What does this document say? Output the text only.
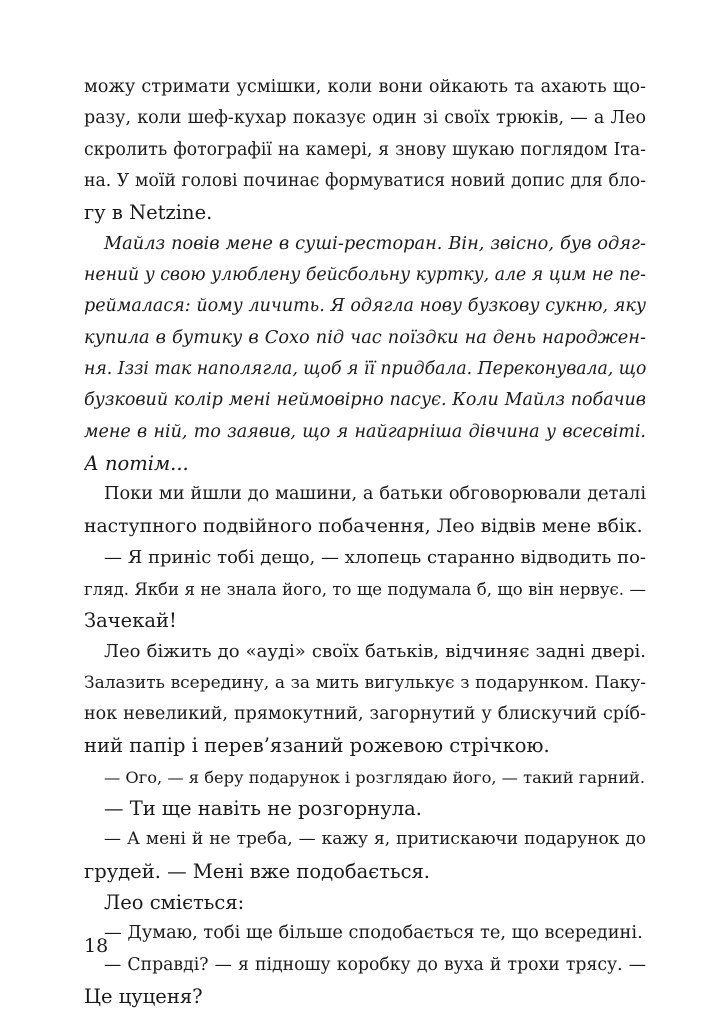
можу стримати усмішки, коли вони ойкають та ахають що-
разу, коли шеф-кухар показує один зі своїх трюків, — а Лео
скролить фотографії на камері, я знову шукаю поглядом Іта-
на. У моїй голові починає формуватися новий допис для бло-
гу в Netzine.
Майлз повів мене в суші-ресторан. Він, звісно, був одяг-
нений у свою улюблену бейсбольну куртку, але я цим не пе-
реймалася: йому личить. Я одягла нову бузкову сукню, яку
купила в бутику в Сохо під час поїздки на день народжен-
ня. Іззі так наполягла, щоб я її придбала. Переконувала, що
бузковий колір мені неймовірно пасує. Коли Майлз побачив
мене в ній, то заявив, що я найгарніша дівчина у всесвіті.
А потім...
Поки ми йшли до машини, а батьки обговорювали деталі
наступного подвійного побачення, Лео відвів мене вбік.
— Я приніс тобі дещо, — хлопець старанно відводить по-
гляд. Якби я не знала його, то ще подумала б, що він нервує. —
Зачекай!
Лео біжить до «ауді» своїх батьків, відчиняє задні двері.
Залазить всередину, а за мить вигулькує з подарунком. Паку-
нок невеликий, прямокутний, загорнутий у блискучий срíб-
ний папір і перев’язаний рожевою стрічкою.
— Ого, — я беру подарунок і розглядаю його, — такий гарний.
— Ти ще навіть не розгорнула.
— А мені й не треба, — кажу я, притискаючи подарунок до
грудей. — Мені вже подобається.
Лео сміється:
— Думаю, тобі ще більше сподобається те, що всередині.
— Справді? — я підношу коробку до вуха й трохи трясу. —
Це цуценя?
18
